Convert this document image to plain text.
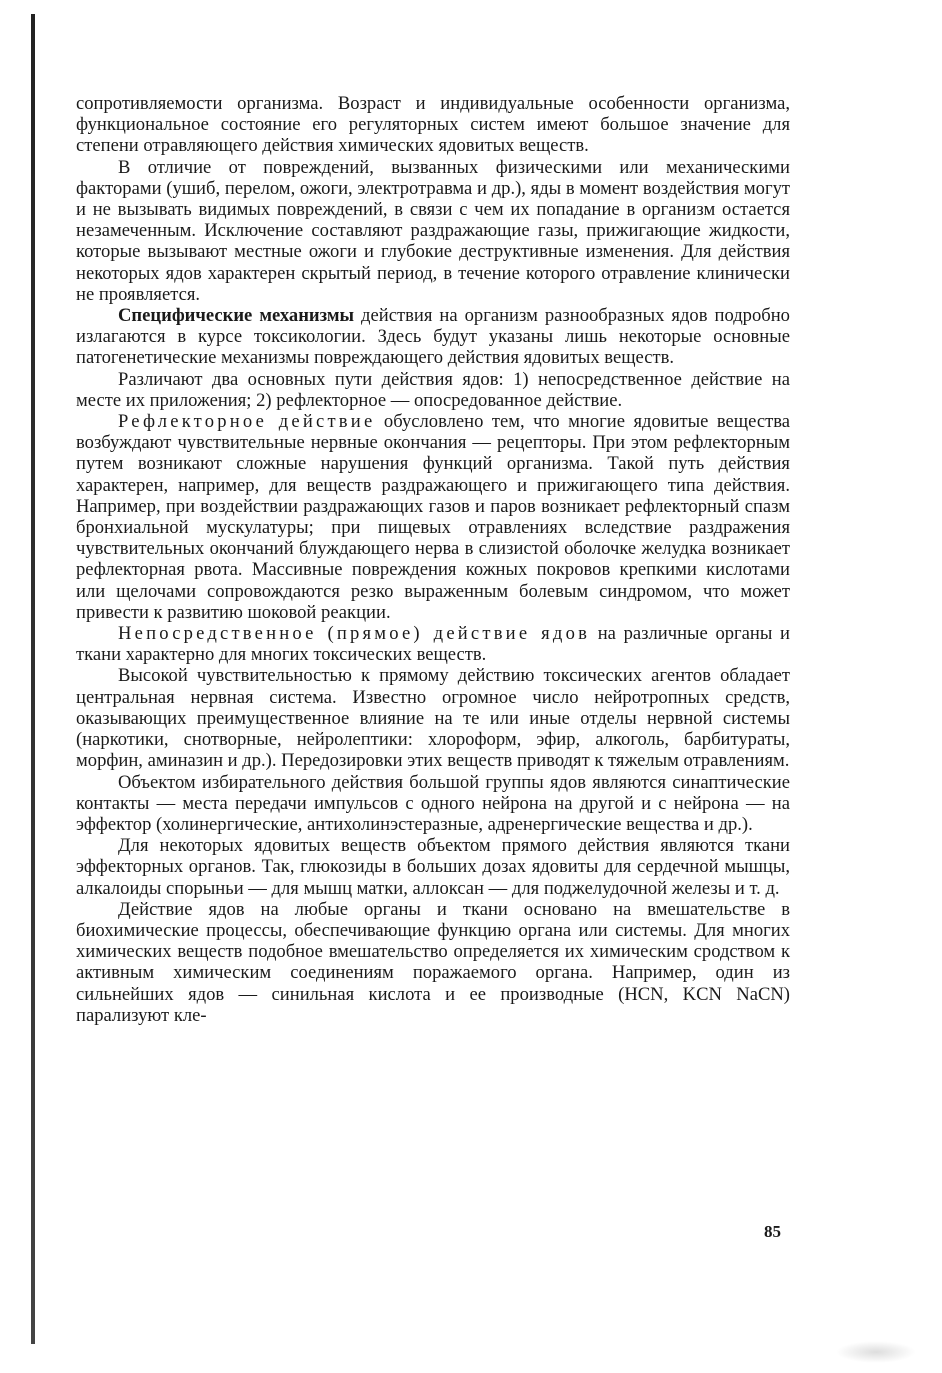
сопротивляемости организма. Возраст и индивидуальные особенности организма, функциональное состояние его регуляторных систем имеют большое значение для степени отравляющего действия химических ядовитых веществ.

В отличие от повреждений, вызванных физическими или механическими факторами (ушиб, перелом, ожоги, электротравма и др.), яды в момент воздействия могут и не вызывать видимых повреждений, в связи с чем их попадание в организм остается незамеченным. Исключение составляют раздражающие газы, прижигающие жидкости, которые вызывают местные ожоги и глубокие деструктивные изменения. Для действия некоторых ядов характерен скрытый период, в течение которого отравление клинически не проявляется.

Специфические механизмы действия на организм разнообразных ядов подробно излагаются в курсе токсикологии. Здесь будут указаны лишь некоторые основные патогенетические механизмы повреждающего действия ядовитых веществ.

Различают два основных пути действия ядов: 1) непосредственное действие на месте их приложения; 2) рефлекторное — опосредованное действие.

Рефлекторное действие обусловлено тем, что многие ядовитые вещества возбуждают чувствительные нервные окончания — рецепторы. При этом рефлекторным путем возникают сложные нарушения функций организма. Такой путь действия характерен, например, для веществ раздражающего и прижигающего типа действия. Например, при воздействии раздражающих газов и паров возникает рефлекторный спазм бронхиальной мускулатуры; при пищевых отравлениях вследствие раздражения чувствительных окончаний блуждающего нерва в слизистой оболочке желудка возникает рефлекторная рвота. Массивные повреждения кожных покровов крепкими кислотами или щелочами сопровождаются резко выраженным болевым синдромом, что может привести к развитию шоковой реакции.

Непосредственное (прямое) действие ядов на различные органы и ткани характерно для многих токсических веществ.

Высокой чувствительностью к прямому действию токсических агентов обладает центральная нервная система. Известно огромное число нейротропных средств, оказывающих преимущественное влияние на те или иные отделы нервной системы (наркотики, снотворные, нейролептики: хлороформ, эфир, алкоголь, барбитураты, морфин, аминазин и др.). Передозировки этих веществ приводят к тяжелым отравлениям.

Объектом избирательного действия большой группы ядов являются синаптические контакты — места передачи импульсов с одного нейрона на другой и с нейрона — на эффектор (холинергические, антихолинэстеразные, адренергические вещества и др.).

Для некоторых ядовитых веществ объектом прямого действия являются ткани эффекторных органов. Так, глюкозиды в больших дозах ядовиты для сердечной мышцы, алкалоиды спорыньи — для мышц матки, аллоксан — для поджелудочной железы и т. д.

Действие ядов на любые органы и ткани основано на вмешательстве в биохимические процессы, обеспечивающие функцию органа или системы. Для многих химических веществ подобное вмешательство определяется их химическим сродством к активным химическим соединениям поражаемого органа. Например, один из сильнейших ядов — синильная кислота и ее производные (HCN, KCN NaCN) парализуют кле-

85
